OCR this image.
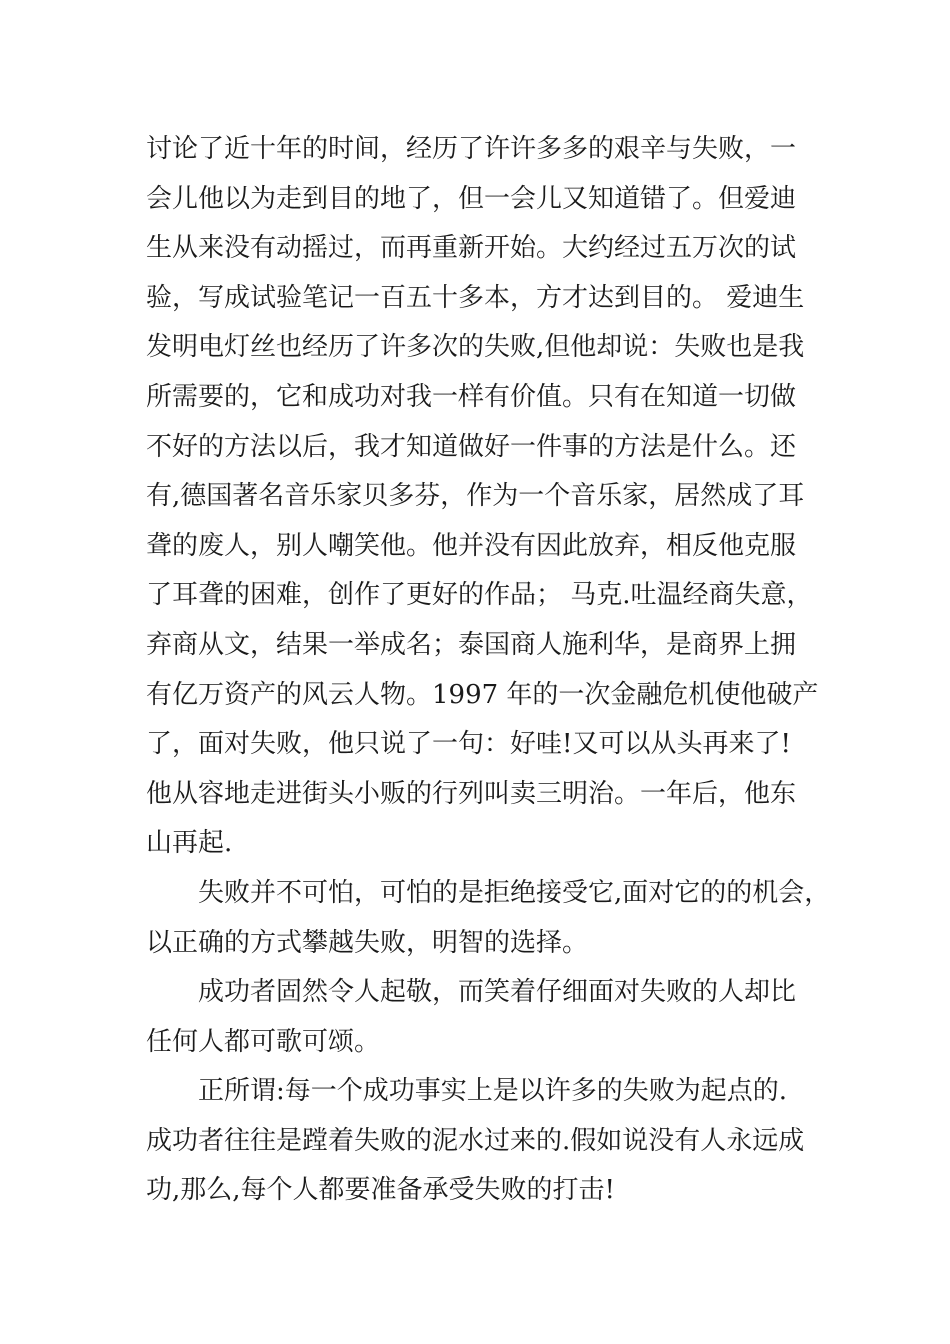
讨论了近十年的时间，经历了许许多多的艰辛与失败，一
会儿他以为走到目的地了，但一会儿又知道错了。但爱迪
生从来没有动摇过，而再重新开始。大约经过五万次的试
验，写成试验笔记一百五十多本，方才达到目的。 爱迪生
发明电灯丝也经历了许多次的失败,但他却说：失败也是我
所需要的，它和成功对我一样有价值。只有在知道一切做
不好的方法以后，我才知道做好一件事的方法是什么。还
有,德国著名音乐家贝多芬，作为一个音乐家，居然成了耳
聋的废人，别人嘲笑他。他并没有因此放弃，相反他克服
了耳聋的困难，创作了更好的作品； 马克.吐温经商失意，
弃商从文，结果一举成名；泰国商人施利华，是商界上拥
有亿万资产的风云人物。1997 年的一次金融危机使他破产
了，面对失败，他只说了一句：好哇!又可以从头再来了!
他从容地走进街头小贩的行列叫卖三明治。一年后，他东
山再起.
失败并不可怕，可怕的是拒绝接受它,面对它的的机会，
以正确的方式攀越失败，明智的选择。
成功者固然令人起敬，而笑着仔细面对失败的人却比
任何人都可歌可颂。
正所谓:每一个成功事实上是以许多的失败为起点的.
成功者往往是蹚着失败的泥水过来的.假如说没有人永远成
功,那么,每个人都要准备承受失败的打击!
